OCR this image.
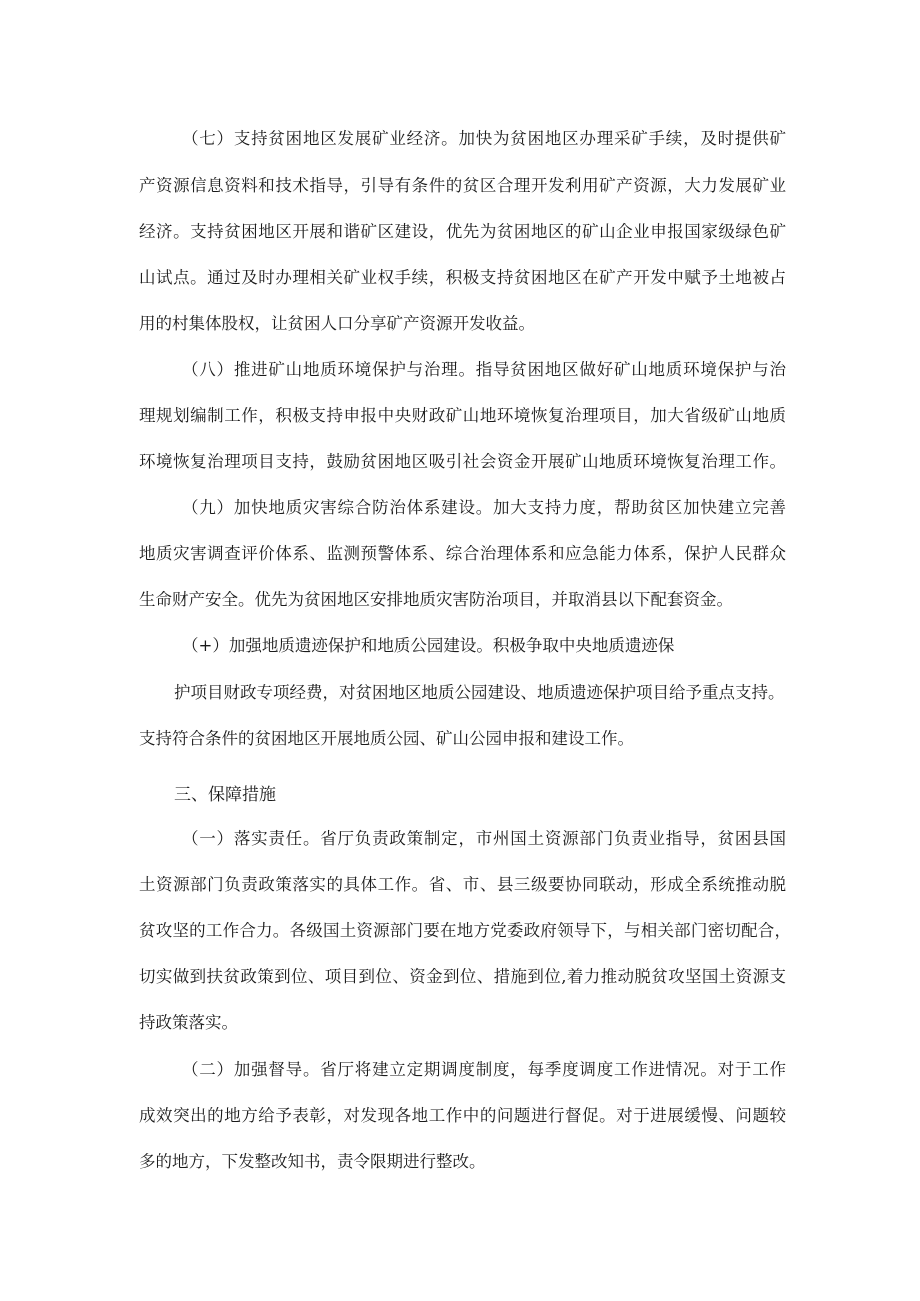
（七）支持贫困地区发展矿业经济。加快为贫困地区办理采矿手续，及时提供矿

产资源信息资料和技术指导，引导有条件的贫区合理开发利用矿产资源，大力发展矿业

经济。支持贫困地区开展和谐矿区建设，优先为贫困地区的矿山企业申报国家级绿色矿

山试点。通过及时办理相关矿业权手续，积极支持贫困地区在矿产开发中赋予土地被占

用的村集体股权，让贫困人口分享矿产资源开发收益。

（八）推进矿山地质环境保护与治理。指导贫困地区做好矿山地质环境保护与治

理规划编制工作，积极支持申报中央财政矿山地环境恢复治理项目，加大省级矿山地质

环境恢复治理项目支持，鼓励贫困地区吸引社会资金开展矿山地质环境恢复治理工作。

（九）加快地质灾害综合防治体系建设。加大支持力度，帮助贫区加快建立完善

地质灾害调查评价体系、监测预警体系、综合治理体系和应急能力体系，保护人民群众

生命财产安全。优先为贫困地区安排地质灾害防治项目，并取消县以下配套资金。

（+）加强地质遗迹保护和地质公园建设。积极争取中央地质遗迹保

护项目财政专项经费，对贫困地区地质公园建设、地质遗迹保护项目给予重点支持。

支持符合条件的贫困地区开展地质公园、矿山公园申报和建设工作。

三、保障措施

（一）落实责任。省厅负责政策制定，市州国土资源部门负责业指导，贫困县国

土资源部门负责政策落实的具体工作。省、市、县三级要协同联动，形成全系统推动脱

贫攻坚的工作合力。各级国土资源部门要在地方党委政府领导下，与相关部门密切配合，

切实做到扶贫政策到位、项目到位、资金到位、措施到位,着力推动脱贫攻坚国土资源支

持政策落实。

（二）加强督导。省厅将建立定期调度制度，每季度调度工作进情况。对于工作

成效突出的地方给予表彰，对发现各地工作中的问题进行督促。对于进展缓慢、问题较

多的地方，下发整改知书，责令限期进行整改。
